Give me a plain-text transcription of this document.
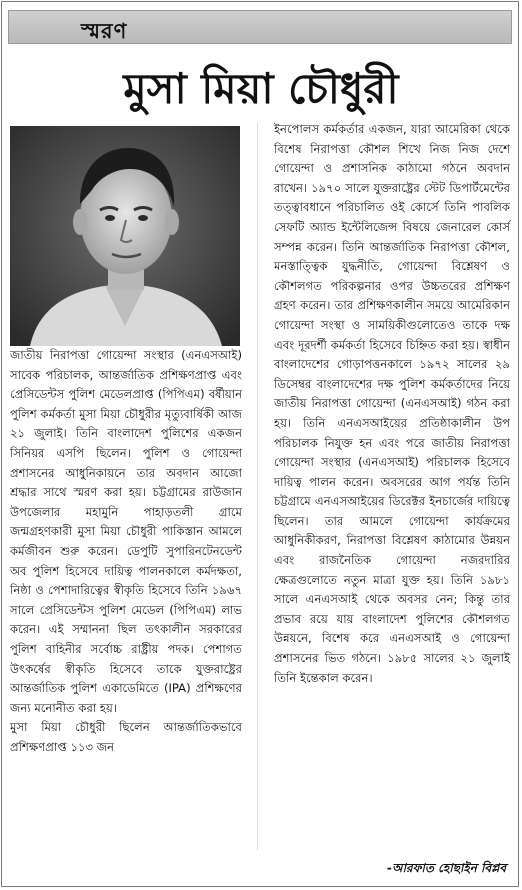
স্মরণ
মুসা মিয়া চৌধুরী

জাতীয় নিরাপত্তা গোয়েন্দা সংস্থার (এনএসআই) সাবেক পরিচালক, আন্তর্জাতিক প্রশিক্ষণপ্রাপ্ত এবং প্রেসিডেন্টস পুলিশ মেডেলপ্রাপ্ত (পিপিএম) বর্ষীয়ান পুলিশ কর্মকর্তা মুসা মিয়া চৌধুরীর মৃত্যুবার্ষিকী আজ ২১ জুলাই। তিনি বাংলাদেশ পুলিশের একজন সিনিয়র এসপি ছিলেন। পুলিশ ও গোয়েন্দা প্রশাসনের আধুনিকায়নে তার অবদান আজো শ্রদ্ধার সাথে স্মরণ করা হয়। চট্টগ্রামের রাউজান উপজেলার মহামুনি পাহাড়তলী গ্রামে জন্মগ্রহণকারী মুসা মিয়া চৌধুরী পাকিস্তান আমলে কর্মজীবন শুরু করেন। ডেপুটি সুপারিনটেনডেন্ট অব পুলিশ হিসেবে দায়িত্ব পালনকালে কর্মদক্ষতা, নিষ্ঠা ও পেশাদারিত্বের স্বীকৃতি হিসেবে তিনি ১৯৬৭ সালে প্রেসিডেন্টস পুলিশ মেডেল (পিপিএম) লাভ করেন। এই সম্মাননা ছিল তৎকালীন সরকারের পুলিশ বাহিনীর সর্বোচ্চ রাষ্ট্রীয় পদক। পেশাগত উৎকর্ষের স্বীকৃতি হিসেবে তাকে যুক্তরাষ্ট্রের আন্তর্জাতিক পুলিশ একাডেমিতে (IPA) প্রশিক্ষণের জন্য মনোনীত করা হয়।

মুসা মিয়া চৌধুরী ছিলেন আন্তর্জাতিকভাবে প্রশিক্ষণপ্রাপ্ত ১১৩ জন

ইনপোলস কর্মকর্তার একজন, যারা আমেরিকা থেকে বিশেষ নিরাপত্তা কৌশল শিখে নিজ নিজ দেশে গোয়েন্দা ও প্রশাসনিক কাঠামো গঠনে অবদান রাখেন। ১৯৭০ সালে যুক্তরাষ্ট্রের স্টেট ডিপার্টমেন্টের তত্ত্বাবধানে পরিচালিত ওই কোর্সে তিনি পাবলিক সেফটি অ্যান্ড ইন্টেলিজেন্স বিষয়ে জেনারেল কোর্স সম্পন্ন করেন। তিনি আন্তর্জাতিক নিরাপত্তা কৌশল, মনস্তাত্ত্বিক যুদ্ধনীতি, গোয়েন্দা বিশ্লেষণ ও কৌশলগত পরিকল্পনার ওপর উচ্চতরের প্রশিক্ষণ গ্রহণ করেন। তার প্রশিক্ষণকালীন সময়ে আমেরিকান গোয়েন্দা সংস্থা ও সাময়িকীগুলোতেও তাকে দক্ষ এবং দূরদর্শী কর্মকর্তা হিসেবে চিহ্নিত করা হয়। স্বাধীন বাংলাদেশের গোড়াপত্তনকালে ১৯৭২ সালের ২৯ ডিসেম্বর বাংলাদেশের দক্ষ পুলিশ কর্মকর্তাদের নিয়ে জাতীয় নিরাপত্তা গোয়েন্দা (এনএসআই) গঠন করা হয়। তিনি এনএসআইয়ের প্রতিষ্ঠাকালীন উপ পরিচালক নিযুক্ত হন এবং পরে জাতীয় নিরাপত্তা গোয়েন্দা সংস্থার (এনএসআই) পরিচালক হিসেবে দায়িত্ব পালন করেন। অবসরের আগ পর্যন্ত তিনি চট্টগ্রামে এনএসআইয়ের ডিরেক্টর ইনচার্জের দায়িত্বে ছিলেন। তার আমলে গোয়েন্দা কার্যক্রমের আধুনিকীকরণ, নিরাপত্তা বিশ্লেষণ কাঠামোর উন্নয়ন এবং রাজনৈতিক গোয়েন্দা নজরদারির ক্ষেত্রগুলোতে নতুন মাত্রা যুক্ত হয়। তিনি ১৯৮১ সালে এনএসআই থেকে অবসর নেন; কিন্তু তার প্রভাব রয়ে যায় বাংলাদেশ পুলিশের কৌশলগত উন্নয়নে, বিশেষ করে এনএসআই ও গোয়েন্দা প্রশাসনের ভিত গঠনে। ১৯৮৫ সালের ২১ জুলাই তিনি ইন্তেকাল করেন।

-আরফাত হোছাইন বিপ্লব
